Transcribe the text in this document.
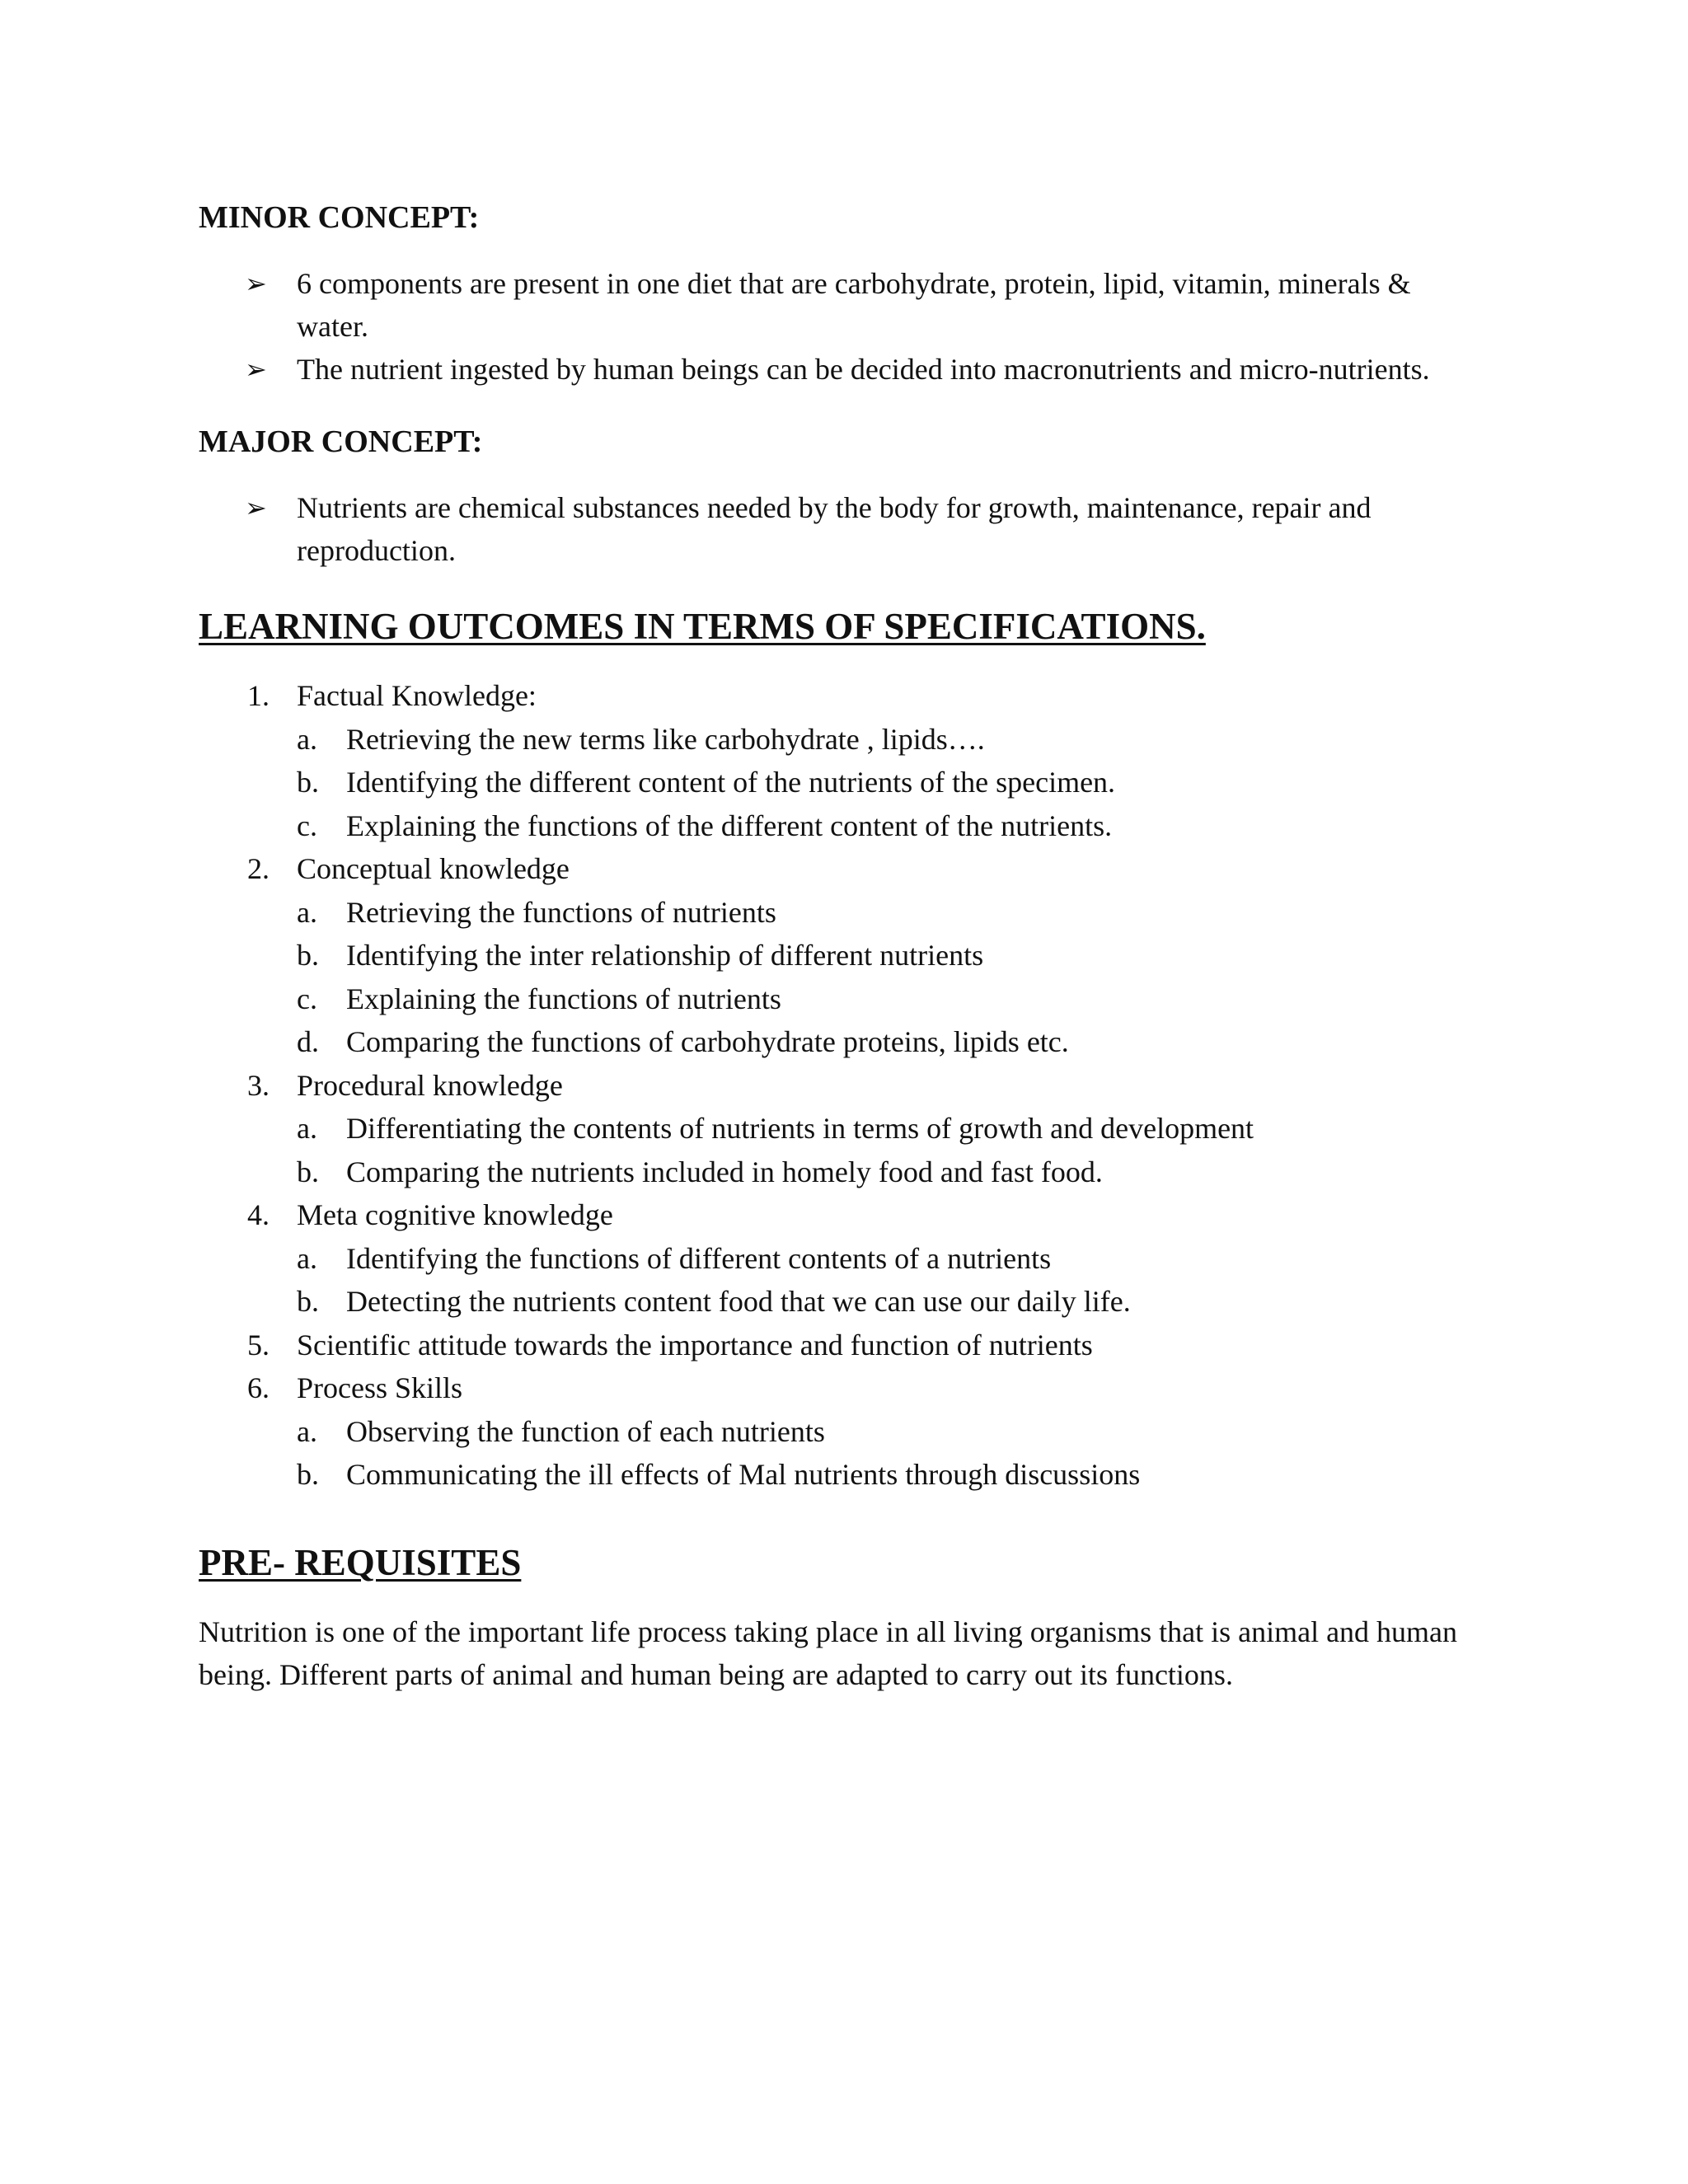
MINOR CONCEPT:
➢ 6 components are present in one diet that are carbohydrate, protein, lipid, vitamin, minerals & water.
➢ The nutrient ingested by human beings can be decided into macronutrients and micro-nutrients.
MAJOR CONCEPT:
➢ Nutrients are chemical substances needed by the body for growth, maintenance, repair and reproduction.
LEARNING OUTCOMES IN TERMS OF SPECIFICATIONS.
1. Factual Knowledge:
a. Retrieving the new terms like carbohydrate , lipids….
b. Identifying the different content of the nutrients of the specimen.
c. Explaining the functions of the different content of the nutrients.
2. Conceptual knowledge
a. Retrieving the functions of nutrients
b. Identifying the inter relationship of different nutrients
c. Explaining the functions of nutrients
d. Comparing the functions of carbohydrate proteins, lipids etc.
3. Procedural knowledge
a. Differentiating the contents of nutrients in terms of growth and development
b. Comparing the nutrients included in homely food and fast food.
4. Meta cognitive knowledge
a. Identifying the functions of different contents of a nutrients
b. Detecting the nutrients content food that we can use our daily life.
5. Scientific attitude towards the importance and function of nutrients
6. Process Skills
a. Observing the function of each nutrients
b. Communicating the ill effects of Mal nutrients through discussions
PRE- REQUISITES

Nutrition is one of the important life process taking place in all living organisms that is animal and human being. Different parts of animal and human being are adapted to carry out its functions.
